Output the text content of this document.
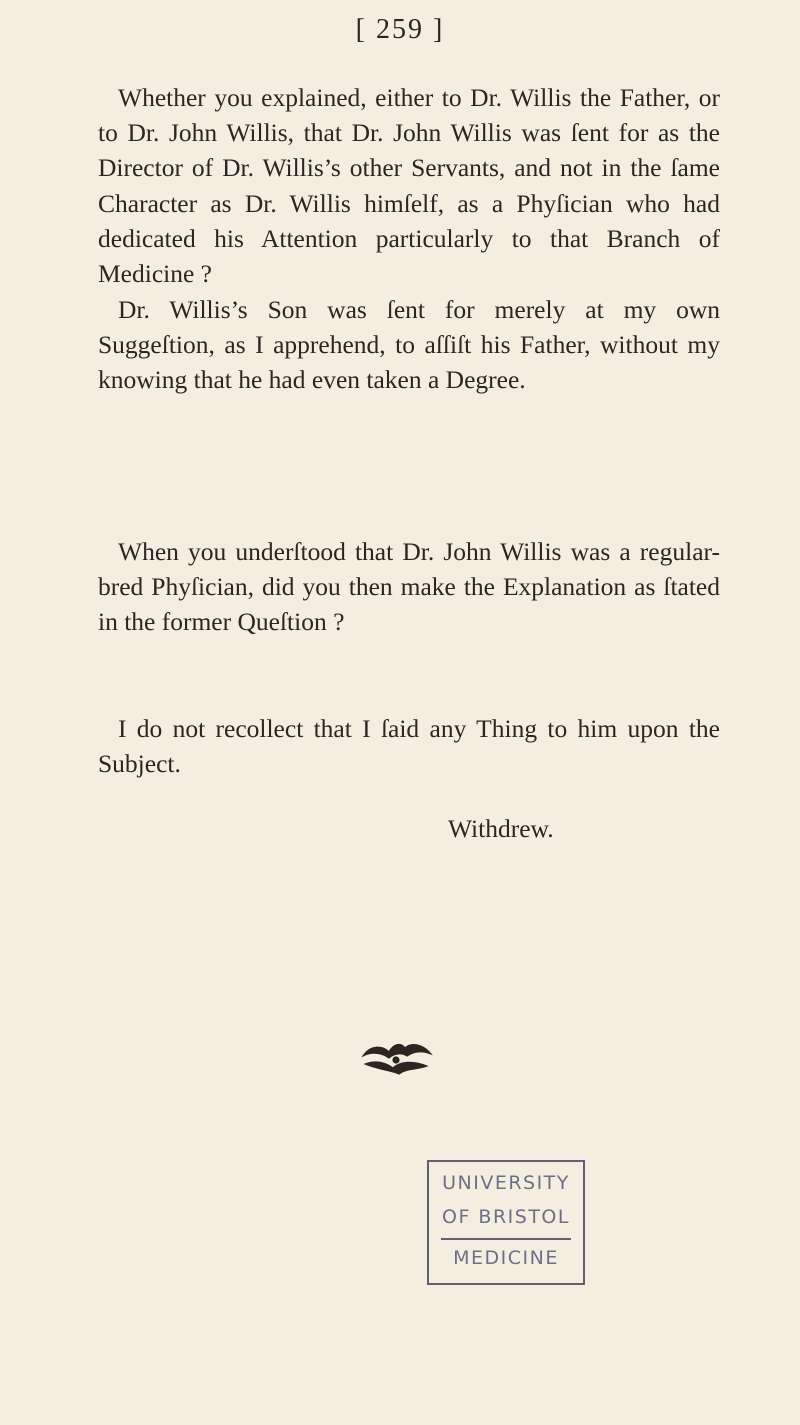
[ 259 ]

Whether you explained, either to Dr. Willis the Father, or to Dr. John Willis, that Dr. John Willis was ſent for as the Director of Dr. Willis’s other Servants, and not in the ſame Character as Dr. Willis himſelf, as a Phyſician who had dedicated his Attention particularly to that Branch of Medicine ?

Dr. Willis’s Son was ſent for merely at my own Suggeſtion, as I apprehend, to aſſiſt his Father, without my knowing that he had even taken a Degree.

When you underſtood that Dr. John Willis was a regular-bred Phyſician, did you then make the Explanation as ſtated in the former Queſtion ?

I do not recollect that I ſaid any Thing to him upon the Subject.

Withdrew.
UNIVERSITY
OF BRISTOL
MEDICINE
